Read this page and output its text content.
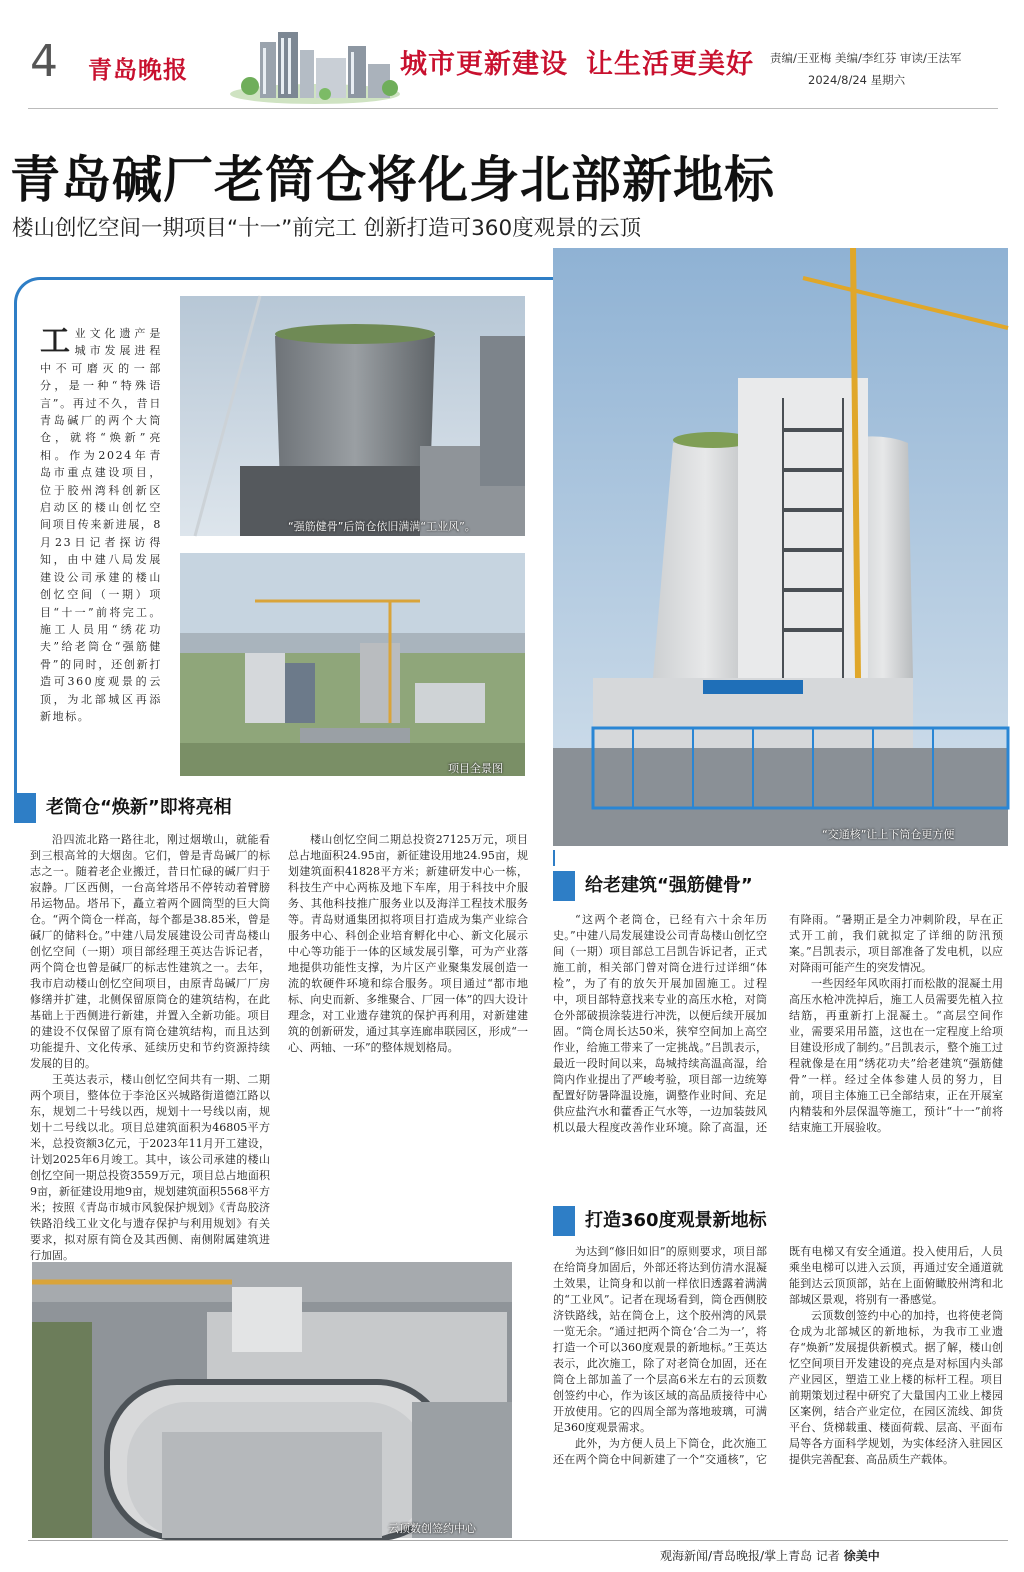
4 青岛晚报	城市更新建设 让生活更美好 责编/王亚梅 美编/李红芬 审读/王法军
2024/8/24 星期六
青岛碱厂老筒仓将化身北部新地标
楼山创忆空间一期项目“十一”前完工 创新打造可360度观景的云顶
工业文化遗产是城市发展进程中不可磨灭的一部分，是一种“特殊语言”。再过不久，昔日青岛碱厂的两个大筒仓，就将“焕新”亮相。作为2024年青岛市重点建设项目，位于胶州湾科创新区启动区的楼山创忆空间项目传来新进展，8月23日记者探访得知，由中建八局发展建设公司承建的楼山创忆空间（一期）项目“十一”前将完工。施工人员用“绣花功夫”给老筒仓“强筋健骨”的同时，还创新打造可360度观景的云顶，为北部城区再添新地标。
“强筋健骨”后筒仓依旧满满“工业风”。
项目全景图
“交通核”让上下筒仓更方便
云顶数创签约中心
老筒仓“焕新”即将亮相

沿四流北路一路往北，刚过烟墩山，就能看到三根高耸的大烟囱。它们，曾是青岛碱厂的标志之一。随着老企业搬迁，昔日忙碌的碱厂归于寂静。厂区西侧，一台高耸塔吊不停转动着臂膀吊运物品。塔吊下，矗立着两个圆筒型的巨大筒仓。“两个筒仓一样高，每个都是38.85米，曾是碱厂的储料仓。”中建八局发展建设公司青岛楼山创忆空间（一期）项目部经理王英达告诉记者，两个筒仓也曾是碱厂的标志性建筑之一。去年，我市启动楼山创忆空间项目，由原青岛碱厂厂房修缮并扩建，北侧保留原筒仓的建筑结构，在此基础上于西侧进行新建，并置入全新功能。项目的建设不仅保留了原有筒仓建筑结构，而且达到功能提升、文化传承、延续历史和节约资源持续发展的目的。

王英达表示，楼山创忆空间共有一期、二期两个项目，整体位于李沧区兴城路街道德江路以东，规划二十号线以西，规划十一号线以南，规划十二号线以北。项目总建筑面积为46805平方米，总投资额3亿元，于2023年11月开工建设，计划2025年6月竣工。其中，该公司承建的楼山创忆空间一期总投资3559万元，项目总占地面积9亩，新征建设用地9亩，规划建筑面积5568平方米；按照《青岛市城市风貌保护规划》《青岛胶济铁路沿线工业文化与遗存保护与利用规划》有关要求，拟对原有筒仓及其西侧、南侧附属建筑进行加固。

楼山创忆空间二期总投资27125万元，项目总占地面积24.95亩，新征建设用地24.95亩，规划建筑面积41828平方米；新建研发中心一栋，科技生产中心两栋及地下车库，用于科技中介服务、其他科技推广服务业以及海洋工程技术服务等。青岛财通集团拟将项目打造成为集产业综合服务中心、科创企业培育孵化中心、新文化展示中心等功能于一体的区域发展引擎，可为产业落地提供功能性支撑，为片区产业聚集发展创造一流的软硬件环境和综合服务。项目通过“都市地标、向史而新、多维聚合、厂园一体”的四大设计理念，对工业遗存建筑的保护再利用，对新建建筑的创新研发，通过其享连廊串联园区，形成“一心、两轴、一环”的整体规划格局。

给老建筑“强筋健骨”

“这两个老筒仓，已经有六十余年历史。”中建八局发展建设公司青岛楼山创忆空间（一期）项目部总工吕凯告诉记者，正式施工前，相关部门曾对筒仓进行过详细“体检”，为了有的放矢开展加固施工。过程中，项目部特意找来专业的高压水枪，对筒仓外部破损涂装进行冲洗，以便后续开展加固。“筒仓周长达50米，狭窄空间加上高空作业，给施工带来了一定挑战。”吕凯表示，最近一段时间以来，岛城持续高温高湿，给筒内作业提出了严峻考验，项目部一边统筹配置好防暑降温设施，调整作业时间、充足供应盐汽水和藿香正气水等，一边加装鼓风机以最大程度改善作业环境。除了高温，还有降雨。“暑期正是全力冲刺阶段，早在正式开工前，我们就拟定了详细的防汛预案。”吕凯表示，项目部准备了发电机，以应对降雨可能产生的突发情况。

一些因经年风吹雨打而松散的混凝土用高压水枪冲洗掉后，施工人员需要先植入拉结筋，再重新打上混凝土。“高层空间作业，需要采用吊篮，这也在一定程度上给项目建设形成了制约。”吕凯表示，整个施工过程就像是在用“绣花功夫”给老建筑“强筋健骨”一样。经过全体参建人员的努力，目前，项目主体施工已全部结束，正在开展室内精装和外层保温等施工，预计“十一”前将结束施工开展验收。

打造360度观景新地标

为达到“修旧如旧”的原则要求，项目部在给筒身加固后，外部还将达到仿清水混凝土效果，让筒身和以前一样依旧透露着满满的“工业风”。记者在现场看到，筒仓西侧胶济铁路线，站在筒仓上，这个胶州湾的风景一览无余。“通过把两个筒仓‘合二为一’，将打造一个可以360度观景的新地标。”王英达表示，此次施工，除了对老筒仓加固，还在筒仓上部加盖了一个层高6米左右的云顶数创签约中心，作为该区域的高品质接待中心开放使用。它的四周全部为落地玻璃，可满足360度观景需求。

此外，为方便人员上下筒仓，此次施工还在两个筒仓中间新建了一个“交通核”，它既有电梯又有安全通道。投入使用后，人员乘坐电梯可以进入云顶，再通过安全通道就能到达云顶顶部，站在上面俯瞰胶州湾和北部城区景观，将别有一番感觉。

云顶数创签约中心的加持，也将使老筒仓成为北部城区的新地标，为我市工业遗存“焕新”发展提供新模式。据了解，楼山创忆空间项目开发建设的亮点是对标国内头部产业园区，塑造工业上楼的标杆工程。项目前期策划过程中研究了大量国内工业上楼园区案例，结合产业定位，在园区流线、卸货平台、货梯载重、楼面荷载、层高、平面布局等各方面科学规划，为实体经济入驻园区提供完善配套、高品质生产载体。

观海新闻/青岛晚报/掌上青岛 记者 徐美中
